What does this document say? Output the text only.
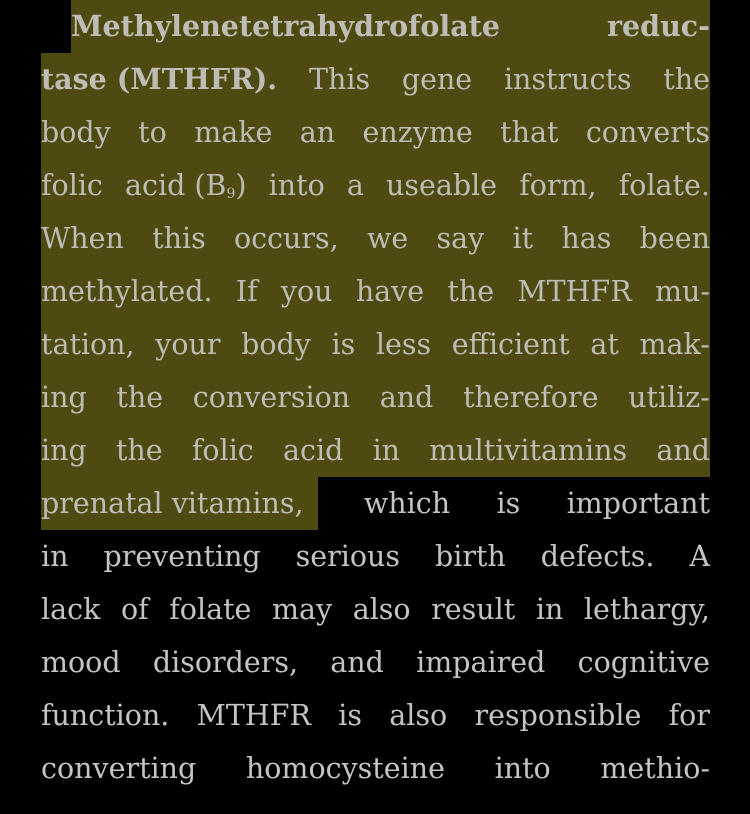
Methylenetetrahydrofolate	reduc-
tase (MTHFR). This gene instructs the
body to make an enzyme that converts
folic acid $(B_9)$ into a useable form, folate.
When this occurs, we say it has been
methylated. If you have the MTHFR mu-
tation, your body is less efficient at mak-
ing the conversion and therefore utiliz-
ing the folic acid in multivitamins and
prenatal vitamins,	which is important
in preventing serious birth defects. A
lack of folate may also result in lethargy,
mood disorders, and impaired cognitive
function. MTHFR is also responsible for
converting homocysteine into methio-
